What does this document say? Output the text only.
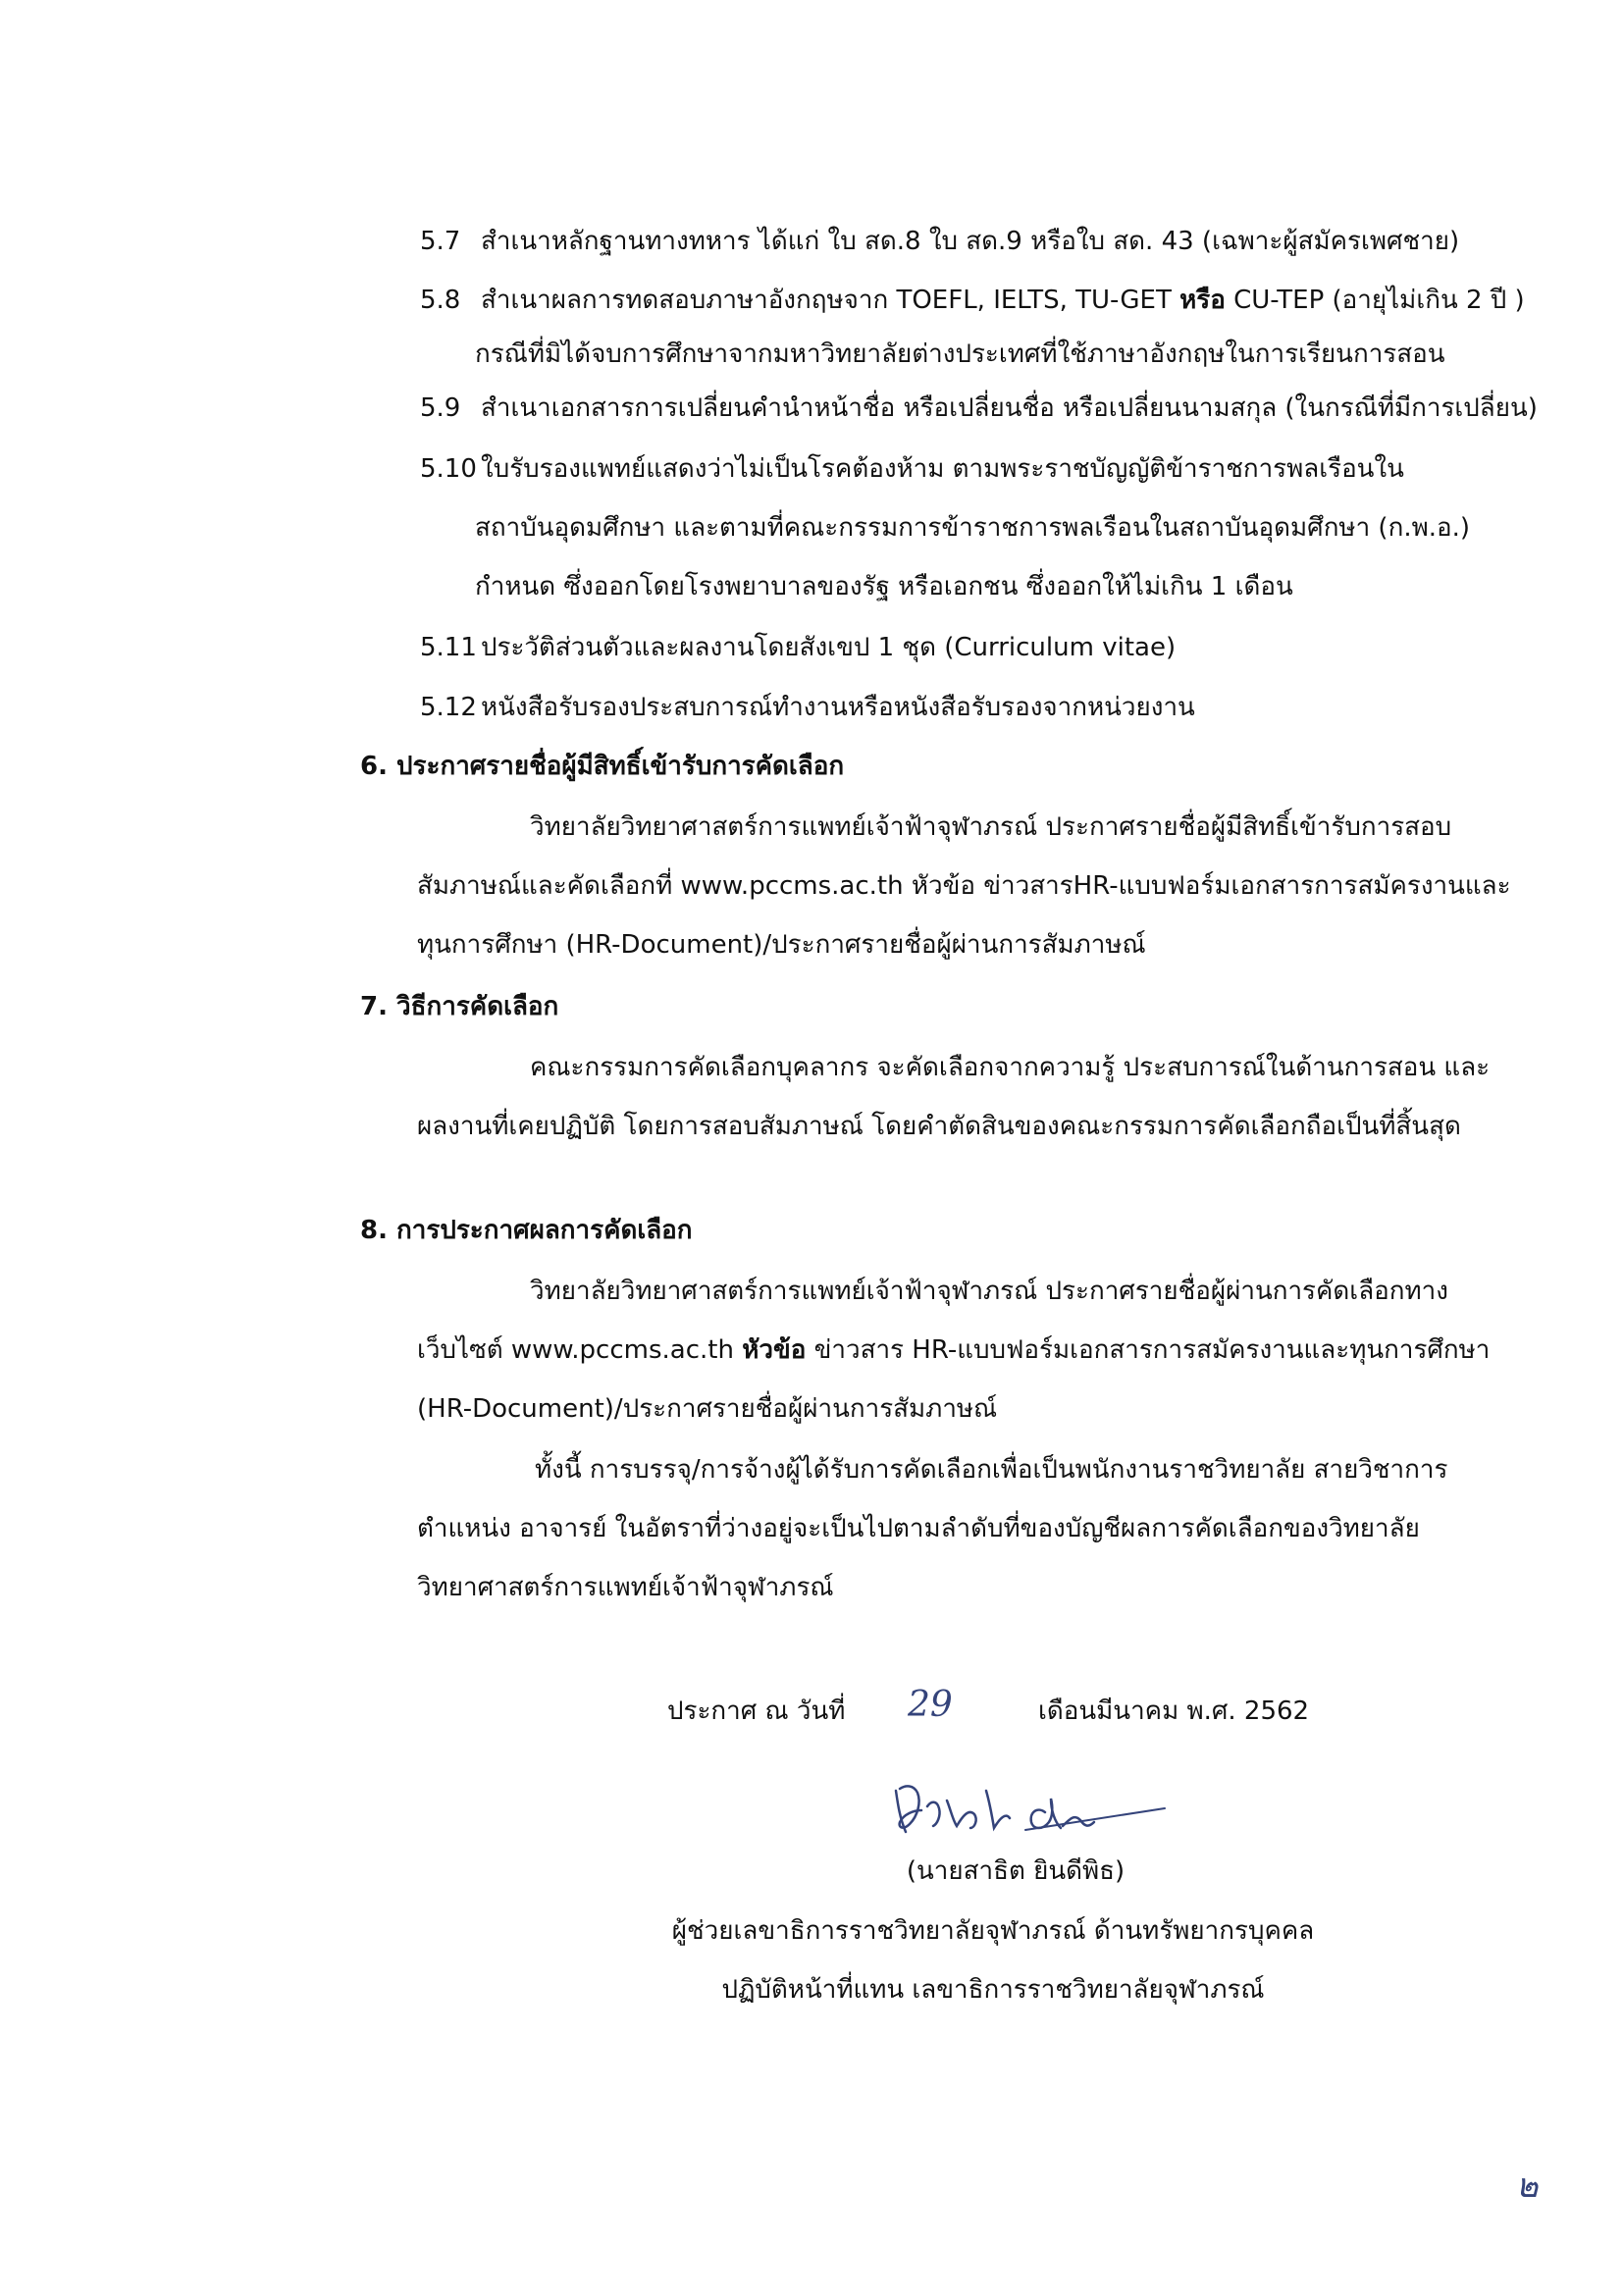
5.7 สำเนาหลักฐานทางทหาร ได้แก่ ใบ สด.8 ใบ สด.9 หรือใบ สด. 43 (เฉพาะผู้สมัครเพศชาย)
5.8 สำเนาผลการทดสอบภาษาอังกฤษจาก TOEFL, IELTS, TU-GET หรือ CU-TEP (อายุไม่เกิน 2 ปี )
กรณีที่มิได้จบการศึกษาจากมหาวิทยาลัยต่างประเทศที่ใช้ภาษาอังกฤษในการเรียนการสอน
5.9 สำเนาเอกสารการเปลี่ยนคำนำหน้าชื่อ หรือเปลี่ยนชื่อ หรือเปลี่ยนนามสกุล (ในกรณีที่มีการเปลี่ยน)
5.10 ใบรับรองแพทย์แสดงว่าไม่เป็นโรคต้องห้าม ตามพระราชบัญญัติข้าราชการพลเรือนใน
สถาบันอุดมศึกษา และตามที่คณะกรรมการข้าราชการพลเรือนในสถาบันอุดมศึกษา (ก.พ.อ.)
กำหนด ซึ่งออกโดยโรงพยาบาลของรัฐ หรือเอกชน ซึ่งออกให้ไม่เกิน 1 เดือน
5.11 ประวัติส่วนตัวและผลงานโดยสังเขป 1 ชุด (Curriculum vitae)
5.12 หนังสือรับรองประสบการณ์ทำงานหรือหนังสือรับรองจากหน่วยงาน
6. ประกาศรายชื่อผู้มีสิทธิ์เข้ารับการคัดเลือก
วิทยาลัยวิทยาศาสตร์การแพทย์เจ้าฟ้าจุฬาภรณ์ ประกาศรายชื่อผู้มีสิทธิ์เข้ารับการสอบ
สัมภาษณ์และคัดเลือกที่ www.pccms.ac.th หัวข้อ ข่าวสารHR-แบบฟอร์มเอกสารการสมัครงานและ
ทุนการศึกษา (HR-Document)/ประกาศรายชื่อผู้ผ่านการสัมภาษณ์
7. วิธีการคัดเลือก
คณะกรรมการคัดเลือกบุคลากร จะคัดเลือกจากความรู้ ประสบการณ์ในด้านการสอน และ
ผลงานที่เคยปฏิบัติ โดยการสอบสัมภาษณ์ โดยคำตัดสินของคณะกรรมการคัดเลือกถือเป็นที่สิ้นสุด
8. การประกาศผลการคัดเลือก
วิทยาลัยวิทยาศาสตร์การแพทย์เจ้าฟ้าจุฬาภรณ์ ประกาศรายชื่อผู้ผ่านการคัดเลือกทาง
เว็บไซต์ www.pccms.ac.th หัวข้อ ข่าวสาร HR-แบบฟอร์มเอกสารการสมัครงานและทุนการศึกษา
(HR-Document)/ประกาศรายชื่อผู้ผ่านการสัมภาษณ์
ทั้งนี้ การบรรจุ/การจ้างผู้ได้รับการคัดเลือกเพื่อเป็นพนักงานราชวิทยาลัย สายวิชาการ
ตำแหน่ง อาจารย์ ในอัตราที่ว่างอยู่จะเป็นไปตามลำดับที่ของบัญชีผลการคัดเลือกของวิทยาลัย
วิทยาศาสตร์การแพทย์เจ้าฟ้าจุฬาภรณ์
ประกาศ ณ วันที่ 29	เดือนมีนาคม พ.ศ. 2562
(นายสาธิต ยินดีพิธ)
ผู้ช่วยเลขาธิการราชวิทยาลัยจุฬาภรณ์ ด้านทรัพยากรบุคคล
ปฏิบัติหน้าที่แทน เลขาธิการราชวิทยาลัยจุฬาภรณ์
๒
